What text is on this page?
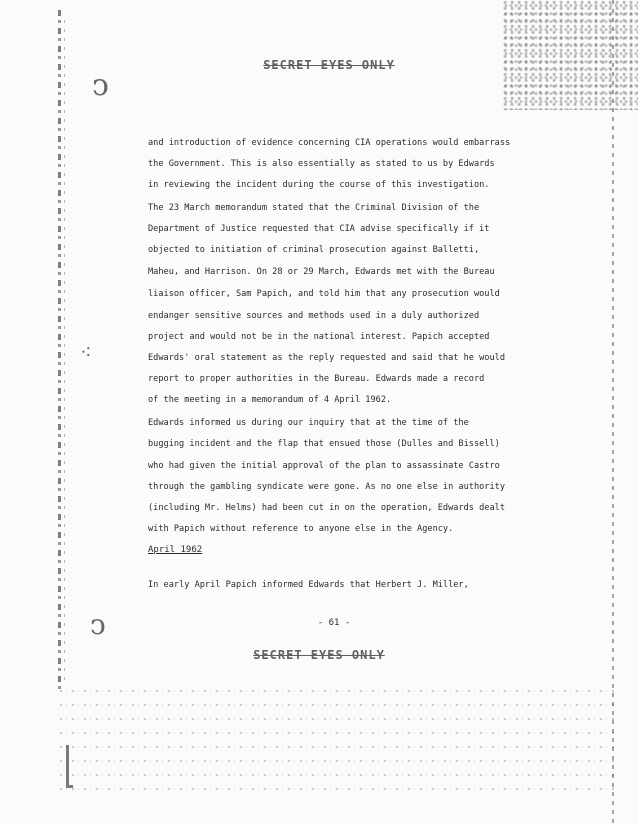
ↄ
⁖
ↄ
SECRET EYES ONLY
and introduction of evidence concerning CIA operations would embarrass
the Government. This is also essentially as stated to us by Edwards
in reviewing the incident during the course of this investigation.
The 23 March memorandum stated that the Criminal Division of the
Department of Justice requested that CIA advise specifically if it
objected to initiation of criminal prosecution against Balletti,
Maheu, and Harrison. On 28 or 29 March, Edwards met with the Bureau
liaison officer, Sam Papich, and told him that any prosecution would
endanger sensitive sources and methods used in a duly authorized
project and would not be in the national interest. Papich accepted
Edwards' oral statement as the reply requested and said that he would
report to proper authorities in the Bureau. Edwards made a record
of the meeting in a memorandum of 4 April 1962.
Edwards informed us during our inquiry that at the time of the
bugging incident and the flap that ensued those (Dulles and Bissell)
who had given the initial approval of the plan to assassinate Castro
through the gambling syndicate were gone. As no one else in authority
(including Mr. Helms) had been cut in on the operation, Edwards dealt
with Papich without reference to anyone else in the Agency.
April 1962
In early April Papich informed Edwards that Herbert J. Miller,
- 61 -
SECRET EYES ONLY
